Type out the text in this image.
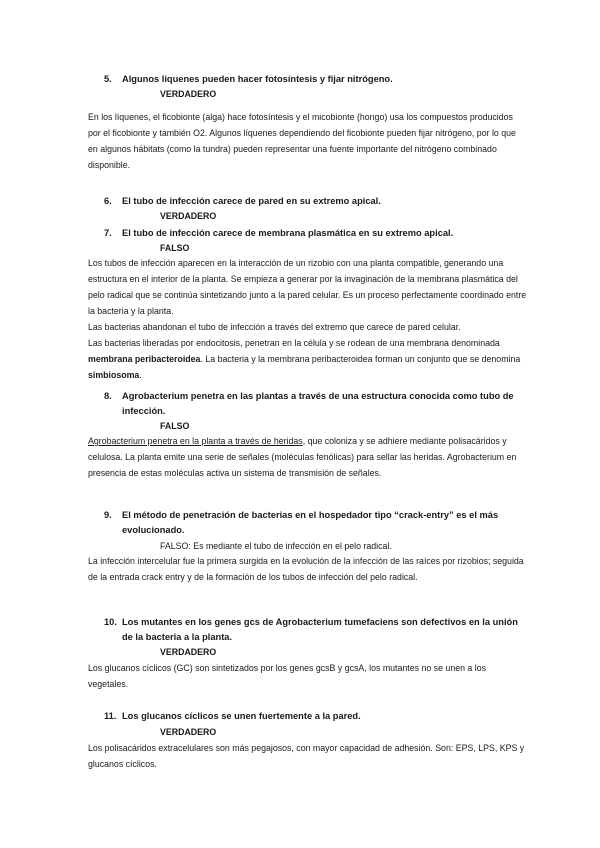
5.	Algunos líquenes pueden hacer fotosíntesis y fijar nitrógeno.
VERDADERO

En los líquenes, el ficobionte (alga) hace fotosíntesis y el micobionte (hongo) usa los compuestos producidos por el ficobionte y también O2. Algunos líquenes dependiendo del ficobionte pueden fijar nitrógeno, por lo que en algunos hábitats (como la tundra) pueden representar una fuente importante del nitrógeno combinado disponible.

6.	El tubo de infección carece de pared en su extremo apical.
VERDADERO
7.	El tubo de infección carece de membrana plasmática en su extremo apical.
FALSO

Los tubos de infección aparecen en la interacción de un rizobio con una planta compatible, generando una estructura en el interior de la planta. Se empieza a generar por la invaginación de la membrana plasmática del pelo radical que se continúa sintetizando junto a la pared celular. Es un proceso perfectamente coordinado entre la bacteria y la planta.
Las bacterias abandonan el tubo de infección a través del extremo que carece de pared celular.
Las bacterias liberadas por endocitosis, penetran en la célula y se rodean de una membrana denominada membrana peribacteroidea. La bacteria y la membrana peribacteroidea forman un conjunto que se denomina simbiosoma.

8.	Agrobacterium penetra en las plantas a través de una estructura conocida como tubo de infección.
FALSO

Agrobacterium penetra en la planta a través de heridas, que coloniza y se adhiere mediante polisacáridos y celulosa. La planta emite una serie de señales (moléculas fenólicas) para sellar las heridas. Agrobacterium en presencia de estas moléculas activa un sistema de transmisión de señales.

9.	El método de penetración de bacterias en el hospedador tipo “crack-entry” es el más evolucionado.
FALSO: Es mediante el tubo de infección en el pelo radical.

La infección intercelular fue la primera surgida en la evolución de la infección de las raíces por rizobios; seguida de la entrada crack entry y de la formación de los tubos de infección del pelo radical.

10. Los mutantes en los genes gcs de Agrobacterium tumefaciens son defectivos en la unión de la bacteria a la planta.
VERDADERO

Los glucanos cíclicos (GC) son sintetizados por los genes gcsB y gcsA, los mutantes no se unen a los vegetales.

11. Los glucanos cíclicos se unen fuertemente a la pared.
VERDADERO

Los polisacáridos extracelulares son más pegajosos, con mayor capacidad de adhesión. Son: EPS, LPS, KPS y glucanos cíclicos.
